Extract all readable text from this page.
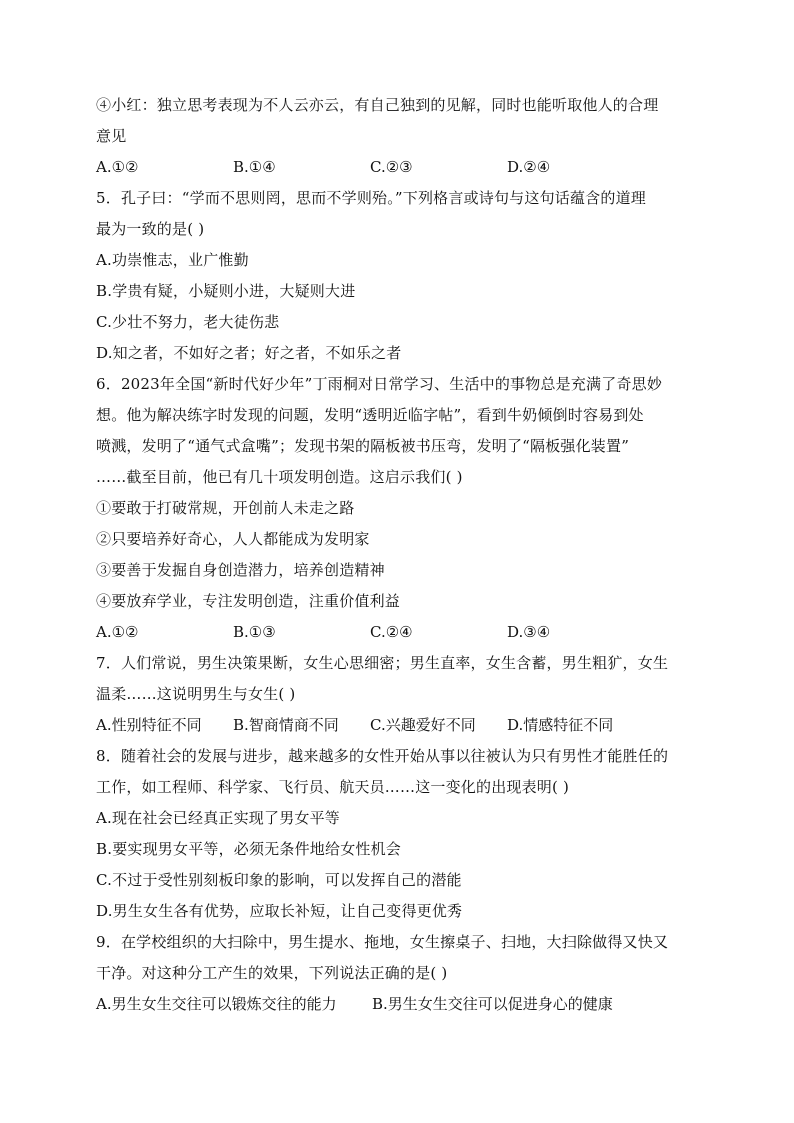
④小红：独立思考表现为不人云亦云，有自己独到的见解，同时也能听取他人的合理
意见
A.①②	B.①④	C.②③	D.②④
5．孔子曰：“学而不思则罔，思而不学则殆。”下列格言或诗句与这句话蕴含的道理
最为一致的是( )
A.功崇惟志，业广惟勤
B.学贵有疑，小疑则小进，大疑则大进
C.少壮不努力，老大徒伤悲
D.知之者，不如好之者；好之者，不如乐之者
6．2023年全国“新时代好少年”丁雨桐对日常学习、生活中的事物总是充满了奇思妙
想。他为解决练字时发现的问题，发明“透明近临字帖”，看到牛奶倾倒时容易到处
喷溅，发明了“通气式盒嘴”；发现书架的隔板被书压弯，发明了“隔板强化装置”
……截至目前，他已有几十项发明创造。这启示我们( )
①要敢于打破常规，开创前人未走之路
②只要培养好奇心，人人都能成为发明家
③要善于发掘自身创造潜力，培养创造精神
④要放弃学业，专注发明创造，注重价值利益
A.①②	B.①③	C.②④	D.③④
7．人们常说，男生决策果断，女生心思细密；男生直率，女生含蓄，男生粗犷，女生
温柔……这说明男生与女生( )
A.性别特征不同	B.智商情商不同	C.兴趣爱好不同	D.情感特征不同
8．随着社会的发展与进步，越来越多的女性开始从事以往被认为只有男性才能胜任的
工作，如工程师、科学家、飞行员、航天员……这一变化的出现表明( )
A.现在社会已经真正实现了男女平等
B.要实现男女平等，必须无条件地给女性机会
C.不过于受性别刻板印象的影响，可以发挥自己的潜能
D.男生女生各有优势，应取长补短，让自己变得更优秀
9．在学校组织的大扫除中，男生提水、拖地，女生擦桌子、扫地，大扫除做得又快又
干净。对这种分工产生的效果，下列说法正确的是( )
A.男生女生交往可以锻炼交往的能力	B.男生女生交往可以促进身心的健康
